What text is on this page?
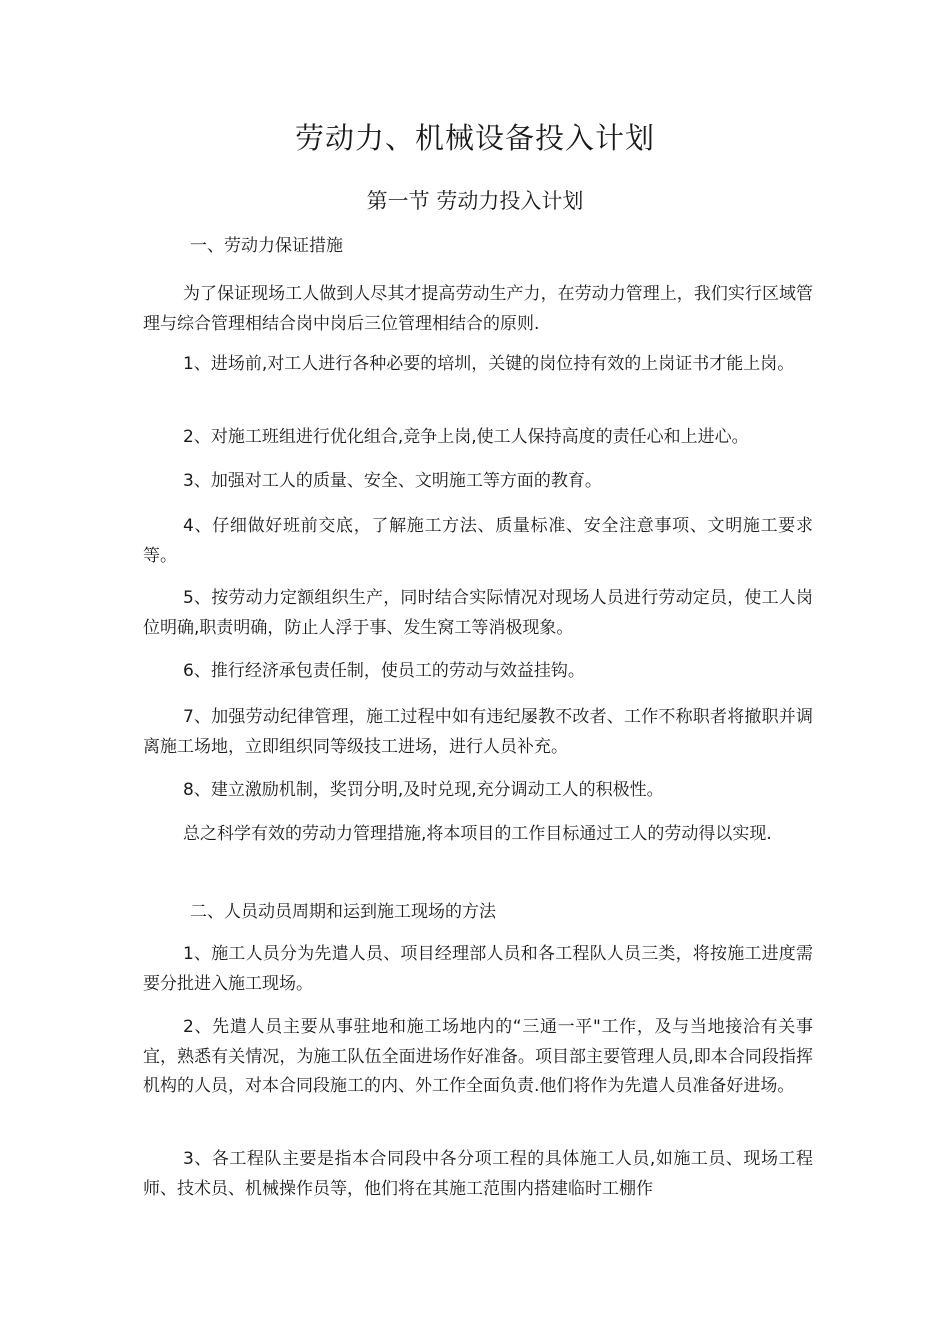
劳动力、机械设备投入计划
第一节 劳动力投入计划

一、劳动力保证措施

为了保证现场工人做到人尽其才提高劳动生产力，在劳动力管理上，我们实行区域管理与综合管理相结合岗中岗后三位管理相结合的原则.

1、进场前,对工人进行各种必要的培圳，关键的岗位持有效的上岗证书才能上岗。

2、对施工班组进行优化组合,竞争上岗,使工人保持高度的责任心和上进心。

3、加强对工人的质量、安全、文明施工等方面的教育。

4、仔细做好班前交底，了解施工方法、质量标准、安全注意事项、文明施工要求等。

5、按劳动力定额组织生产，同时结合实际情况对现场人员进行劳动定员，使工人岗位明确,职责明确，防止人浮于事、发生窝工等消极现象。

6、推行经济承包责任制，使员工的劳动与效益挂钩。

7、加强劳动纪律管理，施工过程中如有违纪屡教不改者、工作不称职者将撤职并调离施工场地，立即组织同等级技工进场，进行人员补充。

8、建立激励机制，奖罚分明,及时兑现,充分调动工人的积极性。

总之科学有效的劳动力管理措施,将本项目的工作目标通过工人的劳动得以实现.

二、人员动员周期和运到施工现场的方法

1、施工人员分为先遣人员、项目经理部人员和各工程队人员三类，将按施工进度需要分批进入施工现场。

2、先遣人员主要从事驻地和施工场地内的“三通一平"工作，及与当地接洽有关事宜，熟悉有关情况，为施工队伍全面进场作好准备。项目部主要管理人员,即本合同段指挥机构的人员，对本合同段施工的内、外工作全面负责.他们将作为先遣人员准备好进场。

3、各工程队主要是指本合同段中各分项工程的具体施工人员,如施工员、现场工程师、技术员、机械操作员等，他们将在其施工范围内搭建临时工棚作
